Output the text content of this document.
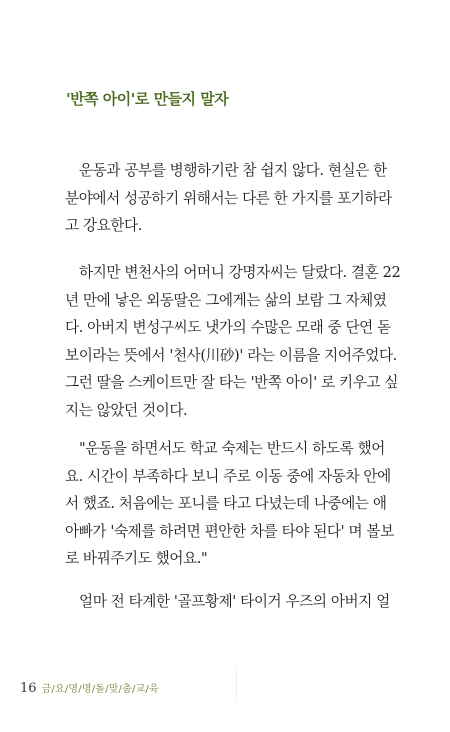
'반쪽 아이'로 만들지 말자
운동과 공부를 병행하기란 참 쉽지 않다. 현실은 한
분야에서 성공하기 위해서는 다른 한 가지를 포기하라
고 강요한다.
하지만 변천사의 어머니 강명자씨는 달랐다. 결혼 22
년 만에 낳은 외동딸은 그에게는 삶의 보람 그 자체였
다. 아버지 변성구씨도 냇가의 수많은 모래 중 단연 돋
보이라는 뜻에서 '천사(川砂)' 라는 이름을 지어주었다.
그런 딸을 스케이트만 잘 타는 '반쪽 아이' 로 키우고 싶
지는 않았던 것이다.
"운동을 하면서도 학교 숙제는 반드시 하도록 했어
요. 시간이 부족하다 보니 주로 이동 중에 자동차 안에
서 했죠. 처음에는 포니를 타고 다녔는데 나중에는 애
아빠가 '숙제를 하려면 편안한 차를 타야 된다' 며 볼보
로 바꿔주기도 했어요."
얼마 전 타계한 '골프황제' 타이거 우즈의 아버지 얼
16 금/요/명/명/돌/맞/춤/교/육
